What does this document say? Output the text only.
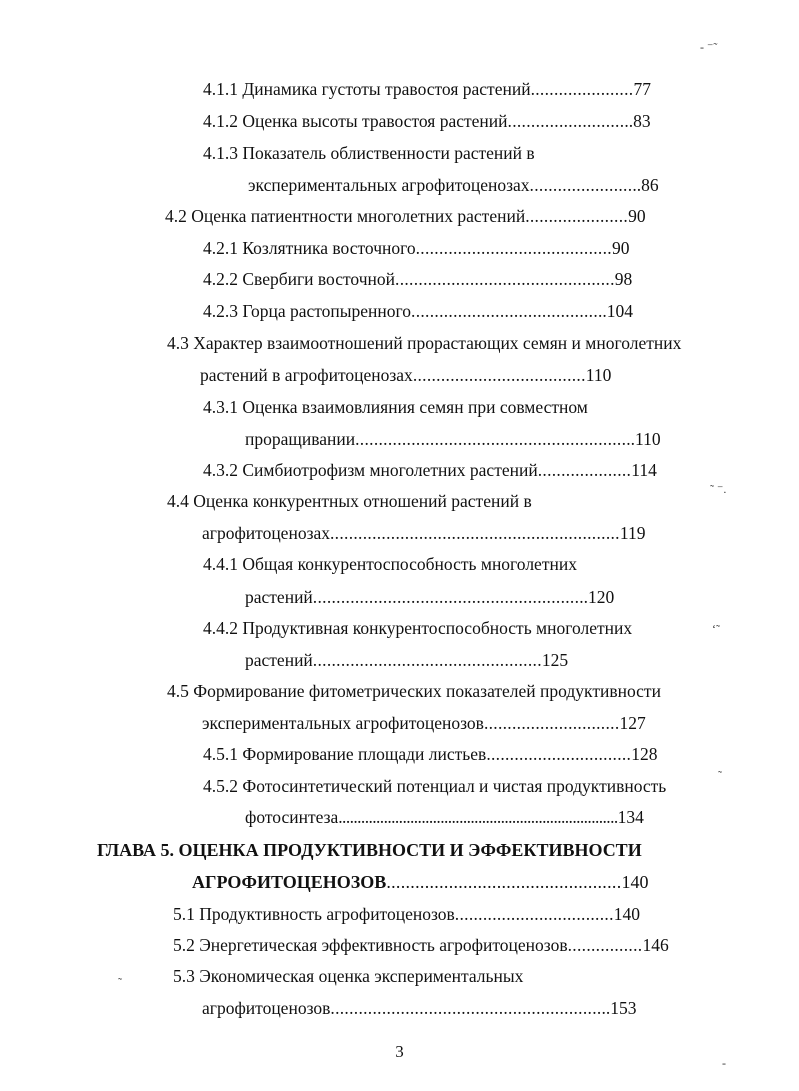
- ⁻˜
˜ ⁻.
‘˜
˜
˜
-
4.1.1 Динамика густоты травостоя растений......................77
4.1.2 Оценка высоты травостоя растений...........................83
4.1.3 Показатель облиственности растений в
экспериментальных агрофитоценозах........................86
4.2 Оценка патиентности многолетних растений......................90
4.2.1 Козлятника восточного..........................................90
4.2.2 Свербиги восточной...............................................98
4.2.3 Горца растопыренного..........................................104
4.3 Характер взаимоотношений прорастающих семян и многолетних
растений в агрофитоценозах.....................................110
4.3.1 Оценка взаимовлияния семян при совместном
проращивании............................................................110
4.3.2 Симбиотрофизм многолетних растений....................114
4.4 Оценка конкурентных отношений растений в
агрофитоценозах..............................................................119
4.4.1 Общая конкурентоспособность многолетних
растений...........................................................120
4.4.2 Продуктивная конкурентоспособность многолетних
растений.................................................125
4.5 Формирование фитометрических показателей продуктивности
экспериментальных агрофитоценозов.............................127
4.5.1 Формирование площади листьев...............................128
4.5.2 Фотосинтетический потенциал и чистая продуктивность
фотосинтеза..........................................................................134
ГЛАВА 5. ОЦЕНКА ПРОДУКТИВНОСТИ И ЭФФЕКТИВНОСТИ
АГРОФИТОЦЕНОЗОВ.................................................140
5.1 Продуктивность агрофитоценозов..................................140
5.2 Энергетическая эффективность агрофитоценозов................146
5.3 Экономическая оценка экспериментальных
агрофитоценозов............................................................153
3
